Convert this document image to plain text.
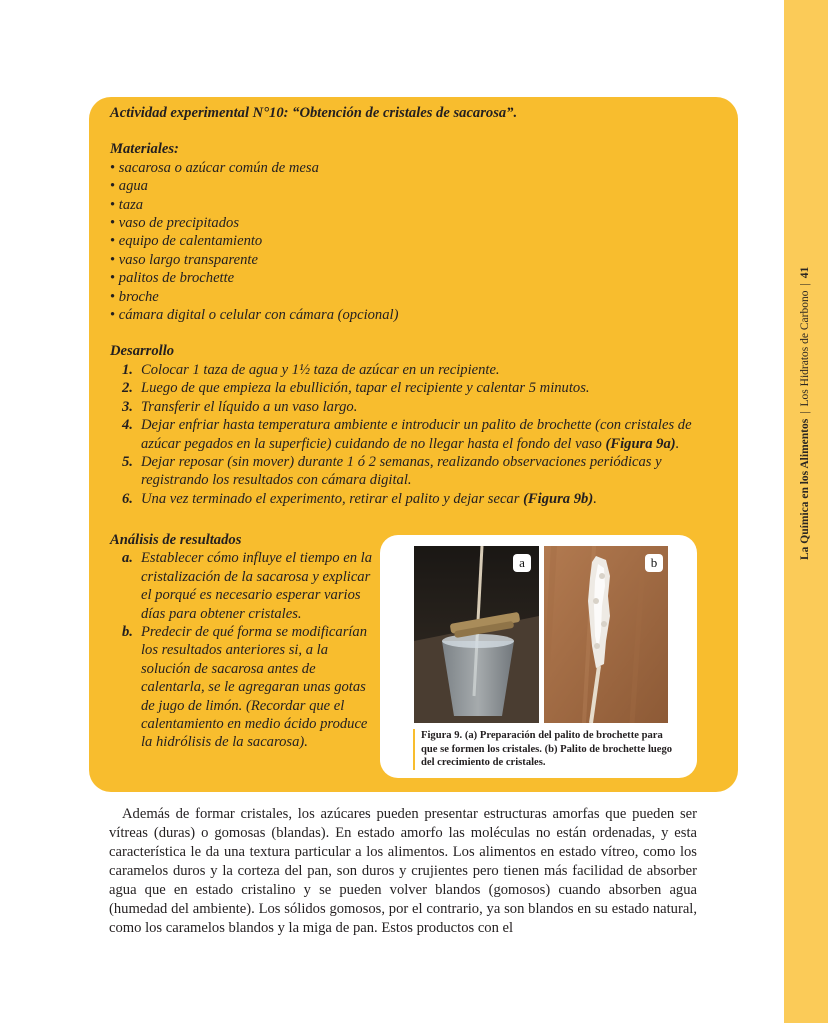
La Química en los Alimentos|Los Hidratos de Carbono|41
Actividad experimental N°10: “Obtención de cristales de sacarosa”.
Materiales:
• sacarosa o azúcar común de mesa
• agua
• taza
• vaso de precipitados
• equipo de calentamiento
• vaso largo transparente
• palitos de brochette
• broche
• cámara digital o celular con cámara (opcional)
Desarrollo
1. Colocar 1 taza de agua y 1½ taza de azúcar en un recipiente.
2. Luego de que empieza la ebullición, tapar el recipiente y calentar 5 minutos.
3. Transferir el líquido a un vaso largo.
4. Dejar enfriar hasta temperatura ambiente e introducir un palito de brochette (con cristales de azúcar pegados en la superficie) cuidando de no llegar hasta el fondo del vaso (Figura 9a).
5. Dejar reposar (sin mover) durante 1 ó 2 semanas, realizando observaciones periódicas y registrando los resultados con cámara digital.
6. Una vez terminado el experimento, retirar el palito y dejar secar (Figura 9b).
Análisis de resultados
a. Establecer cómo influye el tiempo en la cristalización de la sacarosa y explicar el porqué es necesario esperar varios días para obtener cristales.
b. Predecir de qué forma se modificarían los resultados anteriores si, a la solución de sacarosa antes de calentarla, se le agregaran unas gotas de jugo de limón. (Recordar que el calentamiento en medio ácido produce la hidrólisis de la sacarosa).
a	b
Figura 9. (a) Preparación del palito de brochette para que se formen los cristales. (b) Palito de brochette luego del crecimiento de cristales.
Además de formar cristales, los azúcares pueden presentar estructuras amorfas que pueden ser vítreas (duras) o gomosas (blandas). En estado amorfo las moléculas no están ordenadas, y esta característica le da una textura particular a los alimentos. Los alimentos en estado vítreo, como los caramelos duros y la corteza del pan, son duros y crujientes pero tienen más facilidad de absorber agua que en estado cristalino y se pueden volver blandos (gomosos) cuando absorben agua (humedad del ambiente). Los sólidos gomosos, por el contrario, ya son blandos en su estado natural, como los caramelos blandos y la miga de pan. Estos productos con el
